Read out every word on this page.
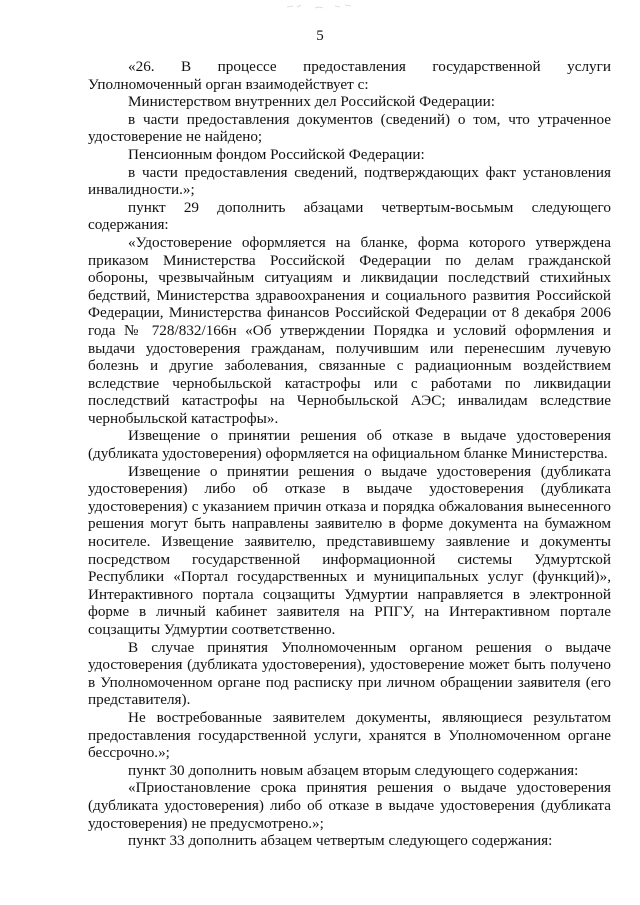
5

«26. В процессе предоставления государственной услуги Уполномоченный орган взаимодействует с:

Министерством внутренних дел Российской Федерации:

в части предоставления документов (сведений) о том, что утраченное удостоверение не найдено;

Пенсионным фондом Российской Федерации:

в части предоставления сведений, подтверждающих факт установления инвалидности.»;

пункт 29 дополнить абзацами четвертым-восьмым следующего содержания:

«Удостоверение оформляется на бланке, форма которого утверждена приказом Министерства Российской Федерации по делам гражданской обороны, чрезвычайным ситуациям и ликвидации последствий стихийных бедствий, Министерства здравоохранения и социального развития Российской Федерации, Министерства финансов Российской Федерации от 8 декабря 2006 года № 728/832/166н «Об утверждении Порядка и условий оформления и выдачи удостоверения гражданам, получившим или перенесшим лучевую болезнь и другие заболевания, связанные с радиационным воздействием вследствие чернобыльской катастрофы или с работами по ликвидации последствий катастрофы на Чернобыльской АЭС; инвалидам вследствие чернобыльской катастрофы».

Извещение о принятии решения об отказе в выдаче удостоверения (дубликата удостоверения) оформляется на официальном бланке Министерства.

Извещение о принятии решения о выдаче удостоверения (дубликата удостоверения) либо об отказе в выдаче удостоверения (дубликата удостоверения) с указанием причин отказа и порядка обжалования вынесенного решения могут быть направлены заявителю в форме документа на бумажном носителе. Извещение заявителю, представившему заявление и документы посредством государственной информационной системы Удмуртской Республики «Портал государственных и муниципальных услуг (функций)», Интерактивного портала соцзащиты Удмуртии направляется в электронной форме в личный кабинет заявителя на РПГУ, на Интерактивном портале соцзащиты Удмуртии соответственно.

В случае принятия Уполномоченным органом решения о выдаче удостоверения (дубликата удостоверения), удостоверение может быть получено в Уполномоченном органе под расписку при личном обращении заявителя (его представителя).

Не востребованные заявителем документы, являющиеся результатом предоставления государственной услуги, хранятся в Уполномоченном органе бессрочно.»;

пункт 30 дополнить новым абзацем вторым следующего содержания:

«Приостановление срока принятия решения о выдаче удостоверения (дубликата удостоверения) либо об отказе в выдаче удостоверения (дубликата удостоверения) не предусмотрено.»;

пункт 33 дополнить абзацем четвертым следующего содержания:
